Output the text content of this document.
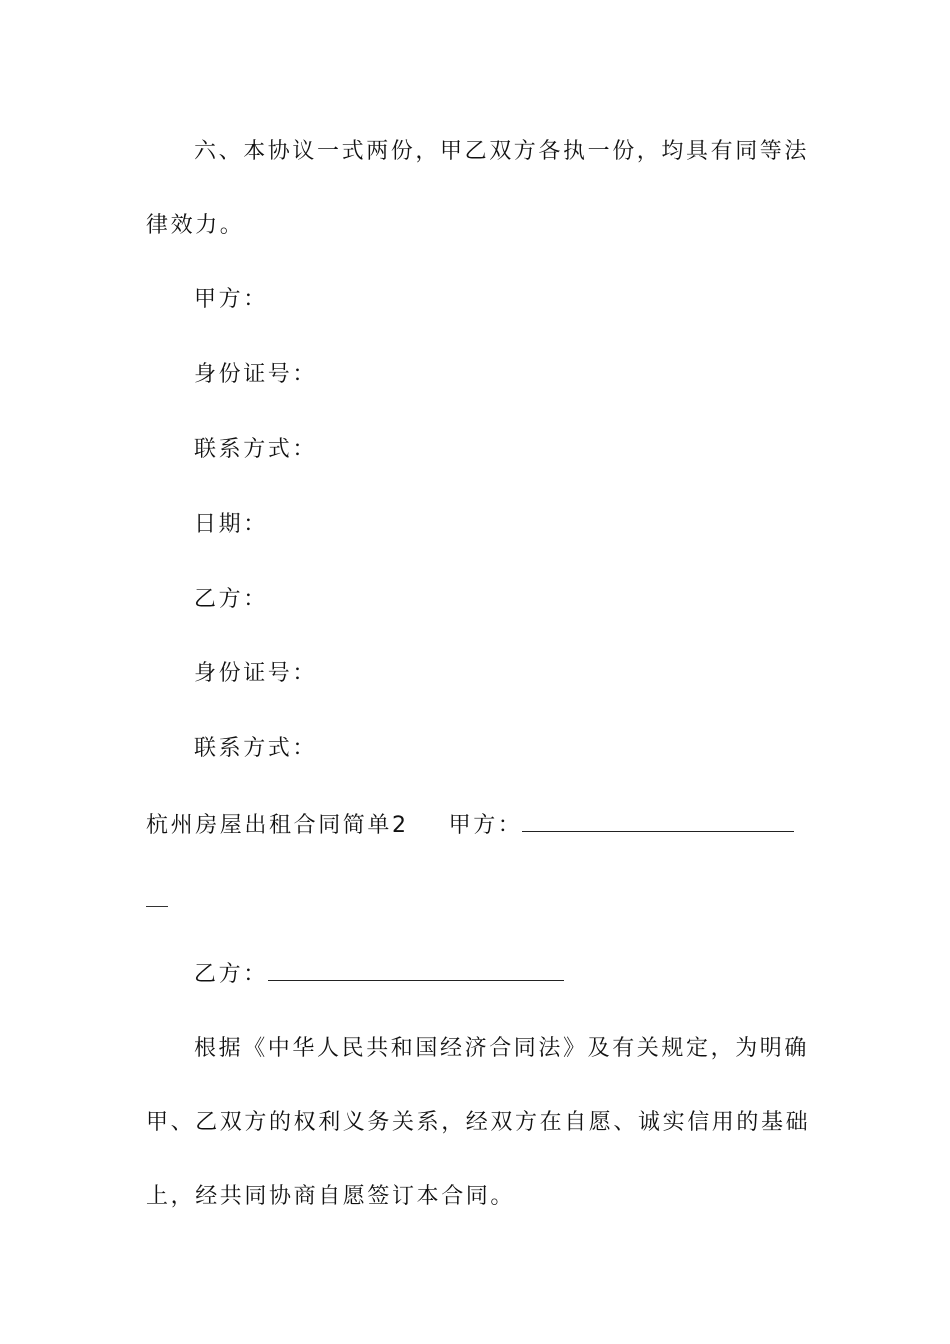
六、本协议一式两份，甲乙双方各执一份，均具有同等法
律效力。
甲方：
身份证号：
联系方式：
日期：
乙方：
身份证号：
联系方式：
杭州房屋出租合同简单2 甲方：
乙方：
根据《中华人民共和国经济合同法》及有关规定，为明确
甲、乙双方的权利义务关系，经双方在自愿、诚实信用的基础
上，经共同协商自愿签订本合同。
